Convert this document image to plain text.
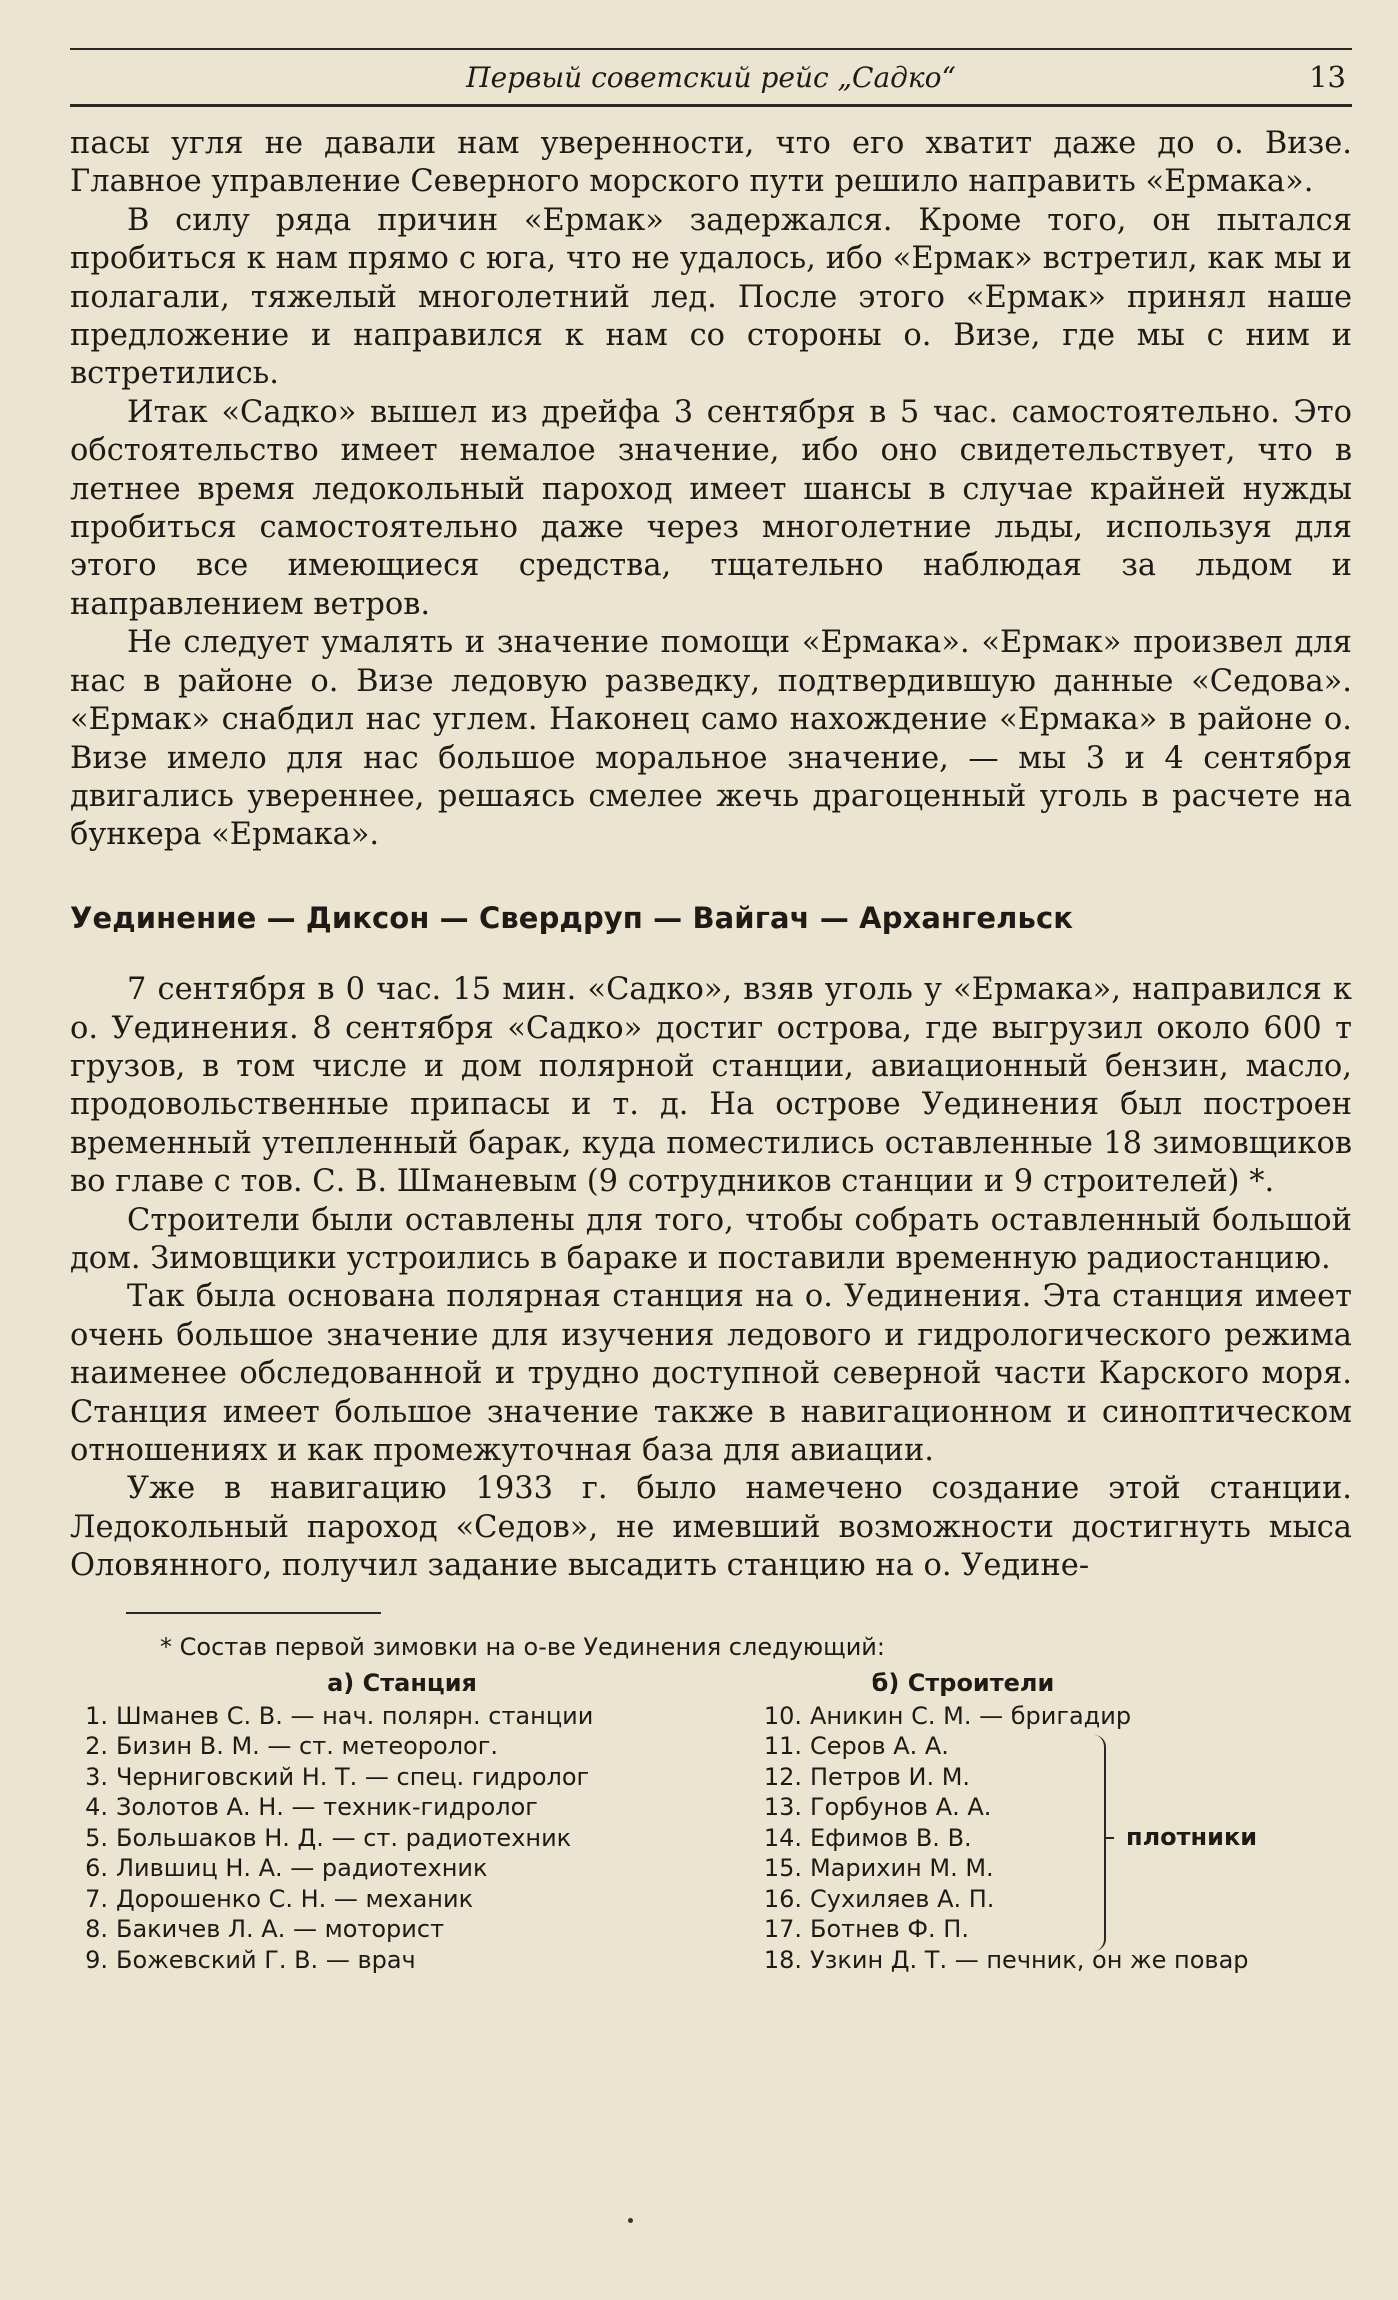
Первый советский рейс „Садко“	13

пасы угля не давали нам уверенности, что его хватит даже до о. Визе. Главное управление Северного морского пути решило направить «Ермака».

В силу ряда причин «Ермак» задержался. Кроме того, он пытался пробиться к нам прямо с юга, что не удалось, ибо «Ермак» встретил, как мы и полагали, тяжелый многолетний лед. После этого «Ермак» принял наше предложение и направился к нам со стороны о. Визе, где мы с ним и встретились.

Итак «Садко» вышел из дрейфа 3 сентября в 5 час. самостоятельно. Это обстоятельство имеет немалое значение, ибо оно свидетельствует, что в летнее время ледокольный пароход имеет шансы в случае крайней нужды пробиться самостоятельно даже через многолетние льды, используя для этого все имеющиеся средства, тщательно наблюдая за льдом и направлением ветров.

Не следует умалять и значение помощи «Ермака». «Ермак» произвел для нас в районе о. Визе ледовую разведку, подтвердившую данные «Седова». «Ермак» снабдил нас углем. Наконец само нахождение «Ермака» в районе о. Визе имело для нас большое моральное значение, — мы 3 и 4 сентября двигались увереннее, решаясь смелее жечь драгоценный уголь в расчете на бункера «Ермака».

Уединение — Диксон — Свердруп — Вайгач — Архангельск

7 сентября в 0 час. 15 мин. «Садко», взяв уголь у «Ермака», направился к о. Уединения. 8 сентября «Садко» достиг острова, где выгрузил около 600 т грузов, в том числе и дом полярной станции, авиационный бензин, масло, продовольственные припасы и т. д. На острове Уединения был построен временный утепленный барак, куда поместились оставленные 18 зимовщиков во главе с тов. С. В. Шманевым (9 сотрудников станции и 9 строителей) *.

Строители были оставлены для того, чтобы собрать оставленный большой дом. Зимовщики устроились в бараке и поставили временную радиостанцию.

Так была основана полярная станция на о. Уединения. Эта станция имеет очень большое значение для изучения ледового и гидрологического режима наименее обследованной и трудно доступной северной части Карского моря. Станция имеет большое значение также в навигационном и синоптическом отношениях и как промежуточная база для авиации.

Уже в навигацию 1933 г. было намечено создание этой станции. Ледокольный пароход «Седов», не имевший возможности достигнуть мыса Оловянного, получил задание высадить станцию на о. Уедине-

* Состав первой зимовки на о-ве Уединения следующий:
а) Станция
1. Шманев С. В. — нач. полярн. станции
2. Бизин В. М. — ст. метеоролог.
3. Черниговский Н. Т. — спец. гидролог
4. Золотов А. Н. — техник-гидролог
5. Большаков Н. Д. — ст. радиотехник
6. Лившиц Н. А. — радиотехник
7. Дорошенко С. Н. — механик
8. Бакичев Л. А. — моторист
9. Божевский Г. В. — врач
б) Строители
10. Аникин С. М. — бригадир
11. Серов А. А.
12. Петров И. М.
13. Горбунов А. А.
14. Ефимов В. В.
15. Марихин М. М.
16. Сухиляев А. П.
17. Ботнев Ф. П.
плотники
18. Узкин Д. Т. — печник, он же повар
